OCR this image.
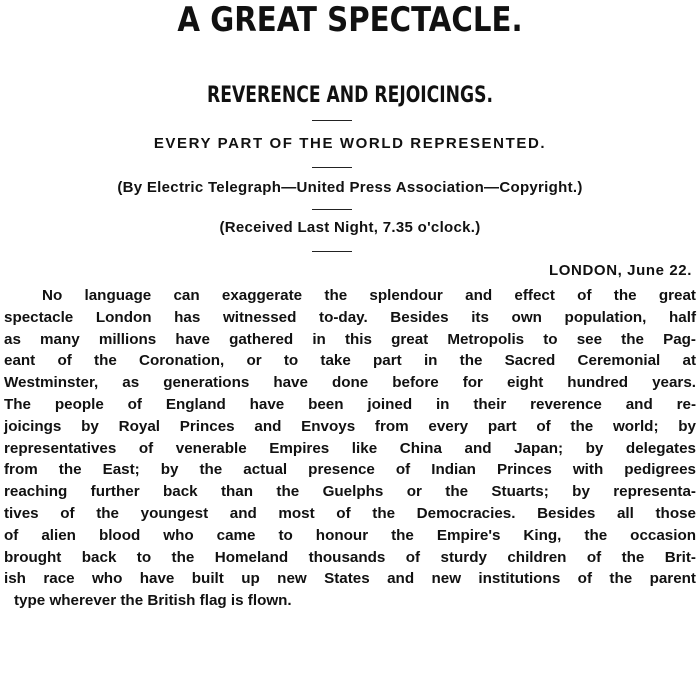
A GREAT SPECTACLE.
REVERENCE AND REJOICINGS.
EVERY PART OF THE WORLD REPRESENTED.

(By Electric Telegraph—United Press Association—Copyright.)

(Received Last Night, 7.35 o'clock.)

LONDON, June 22.

No language can exaggerate the splendour and effect of the great
spectacle London has witnessed to-day. Besides its own population, half
as many millions have gathered in this great Metropolis to see the Pag-
eant of the Coronation, or to take part in the Sacred Ceremonial at
Westminster, as generations have done before for eight hundred years.
The people of England have been joined in their reverence and re-
joicings by Royal Princes and Envoys from every part of the world; by
representatives of venerable Empires like China and Japan; by delegates
from the East; by the actual presence of Indian Princes with pedigrees
reaching further back than the Guelphs or the Stuarts; by representa-
tives of the youngest and most of the Democracies. Besides all those
of alien blood who came to honour the Empire's King, the occasion
brought back to the Homeland thousands of sturdy children of the Brit-
ish race who have built up new States and new institutions of the parent
type wherever the British flag is flown.
